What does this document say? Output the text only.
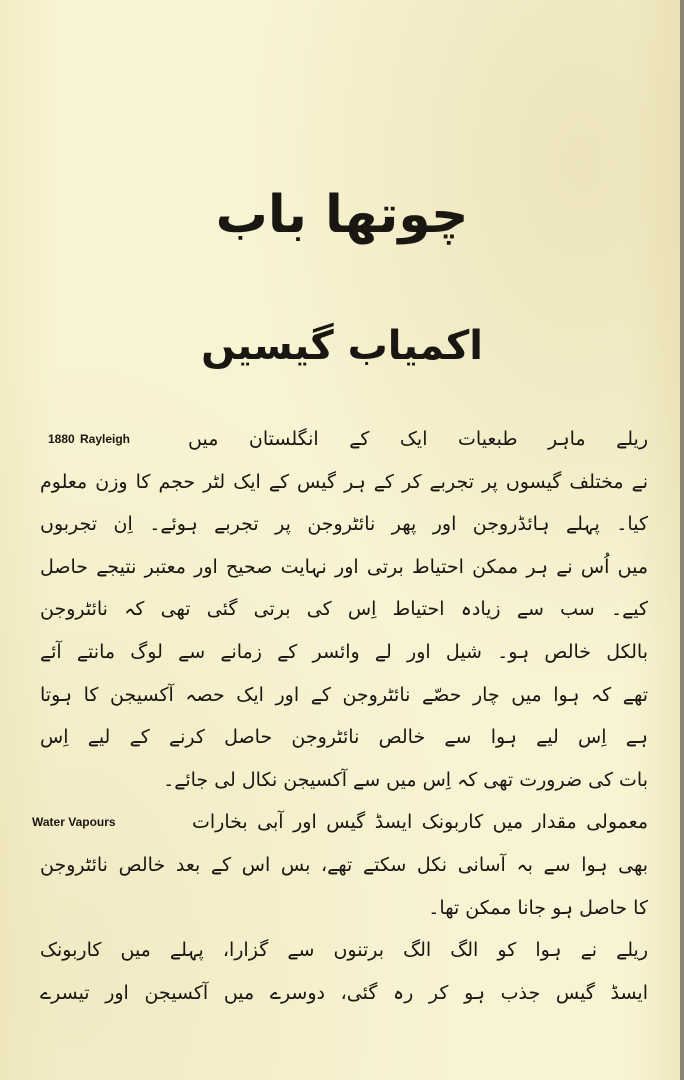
چوتھا باب
اکمیاب گیسیں
1880 Rayleigh	ریلے ماہر طبعیات ایک کے انگلستان میں
نے مختلف گیسوں پر تجربے کر کے ہر گیس کے ایک لٹر حجم کا وزن معلوم
کیا۔ پہلے ہائڈروجن اور پھر نائٹروجن پر تجربے ہوئے۔ اِن تجربوں
میں اُس نے ہر ممکن احتیاط برتی اور نہایت صحیح اور معتبر نتیجے حاصل
کیے۔ سب سے زیادہ احتیاط اِس کی برتی گئی تھی کہ نائٹروجن
بالکل خالص ہو۔ شیل اور لے وائسر کے زمانے سے لوگ مانتے آئے
تھے کہ ہوا میں چار حصّے نائٹروجن کے اور ایک حصہ آکسیجن کا ہوتا
ہے اِس لیے ہوا سے خالص نائٹروجن حاصل کرنے کے لیے اِس
بات کی ضرورت تھی کہ اِس میں سے آکسیجن نکال لی جائے۔
Water Vapours	معمولی مقدار میں کاربونک ایسڈ گیس اور آبی بخارات
بھی ہوا سے بہ آسانی نکل سکتے تھے، بس اس کے بعد خالص نائٹروجن
کا حاصل ہو جانا ممکن تھا۔
ریلے نے ہوا کو الگ الگ برتنوں سے گزارا، پہلے میں کاربونک
ایسڈ گیس جذب ہو کر رہ گئی، دوسرے میں آکسیجن اور تیسرے
